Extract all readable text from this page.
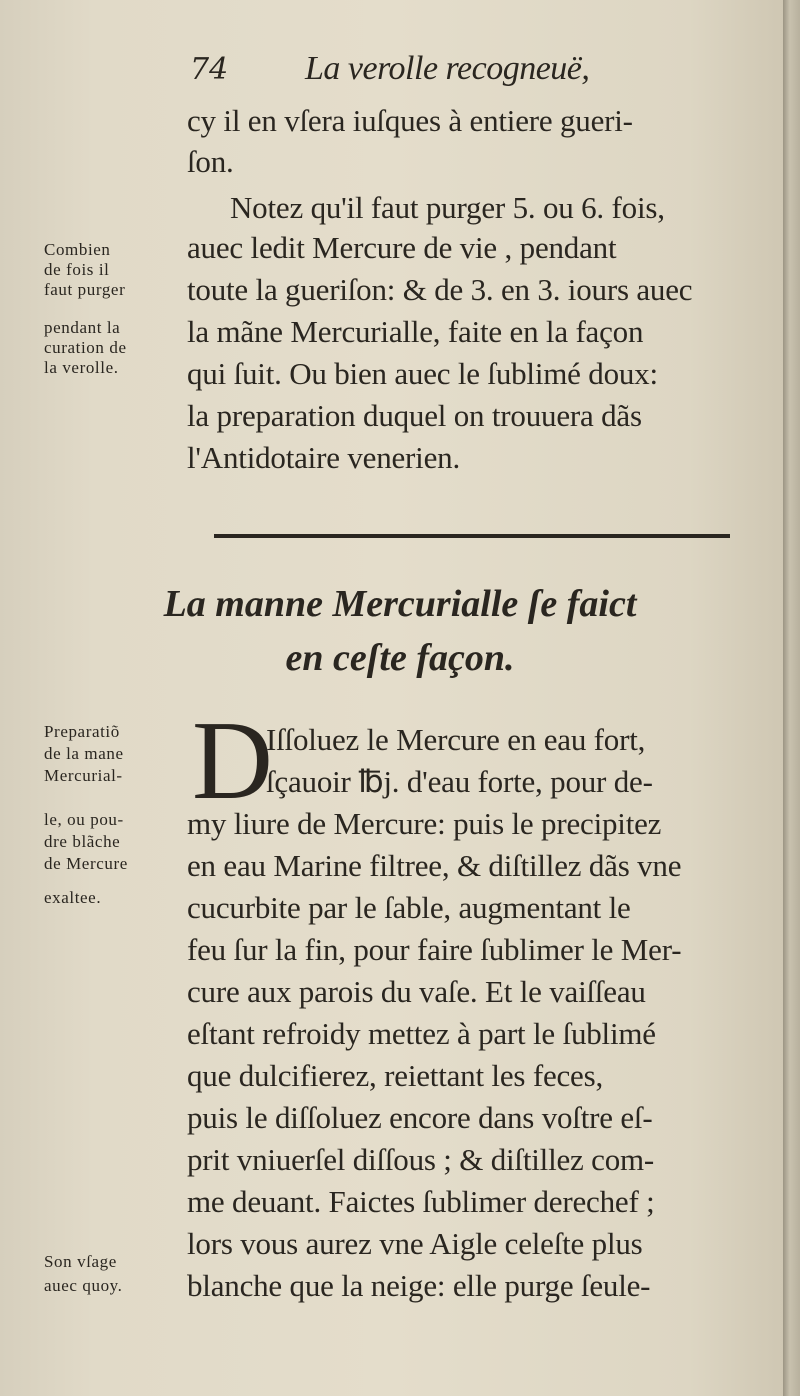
74 La verolle recogneuë,
cy il en vſera iuſques à entiere gueri-
ſon.
Notez qu'il faut purger 5. ou 6. fois,
auec ledit Mercure de vie , pendant
toute la gueriſon: & de 3. en 3. iours auec
la mãne Mercurialle, faite en la façon
qui ſuit. Ou bien auec le ſublimé doux:
la preparation duquel on trouuera dãs
l'Antidotaire venerien.
Combien
de fois il
faut purger
pendant la
curation de
la verolle.
La manne Mercurialle ſe faict
en ceſte façon.
D
Iſſoluez le Mercure en eau fort,
ſçauoir ℔j. d'eau forte, pour de-
my liure de Mercure: puis le precipitez
en eau Marine filtree, & diſtillez dãs vne
cucurbite par le ſable, augmentant le
feu ſur la fin, pour faire ſublimer le Mer-
cure aux parois du vaſe. Et le vaiſſeau
eſtant refroidy mettez à part le ſublimé
que dulcifierez, reiettant les feces,
puis le diſſoluez encore dans voſtre eſ-
prit vniuerſel diſſous ; & diſtillez com-
me deuant. Faictes ſublimer derechef ;
lors vous aurez vne Aigle celeſte plus
blanche que la neige: elle purge ſeule-
Preparatiõ
de la mane
Mercurial-
le, ou pou-
dre blãche
de Mercure
exaltee.
Son vſage
auec quoy.
